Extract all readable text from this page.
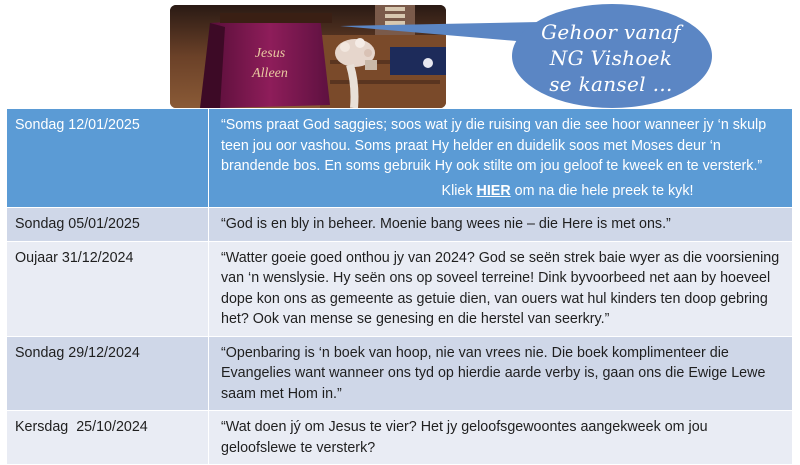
Jesus
Alleen
Gehoor vanaf
NG Vishoek
se kansel …
Sondag 12/01/2025	“Soms praat God saggies; soos wat jy die ruising van die see hoor wanneer jy ‘n skulp teen jou oor vashou. Soms praat Hy helder en duidelik soos met Moses deur ‘n brandende bos. En soms gebruik Hy ook stilte om jou geloof te kweek en te versterk.”
Kliek HIER om na die hele preek te kyk!

Sondag 05/01/2025	“God is en bly in beheer. Moenie bang wees nie – die Here is met ons.”
Oujaar 31/12/2024	“Watter goeie goed onthou jy van 2024? God se seën strek baie wyer as die voorsiening van ‘n wenslysie. Hy seën ons op soveel terreine! Dink byvoorbeed net aan by hoeveel dope kon ons as gemeente as getuie dien, van ouers wat hul kinders ten doop gebring het? Ook van mense se genesing en die herstel van seerkry.”
Sondag 29/12/2024	“Openbaring is ‘n boek van hoop, nie van vrees nie. Die boek komplimenteer die Evangelies want wanneer ons tyd op hierdie aarde verby is, gaan ons die Ewige Lewe saam met Hom in.”
Kersdag  25/10/2024	“Wat doen jý om Jesus te vier? Het jy geloofsgewoontes aangekweek om jou geloofslewe te versterk?
